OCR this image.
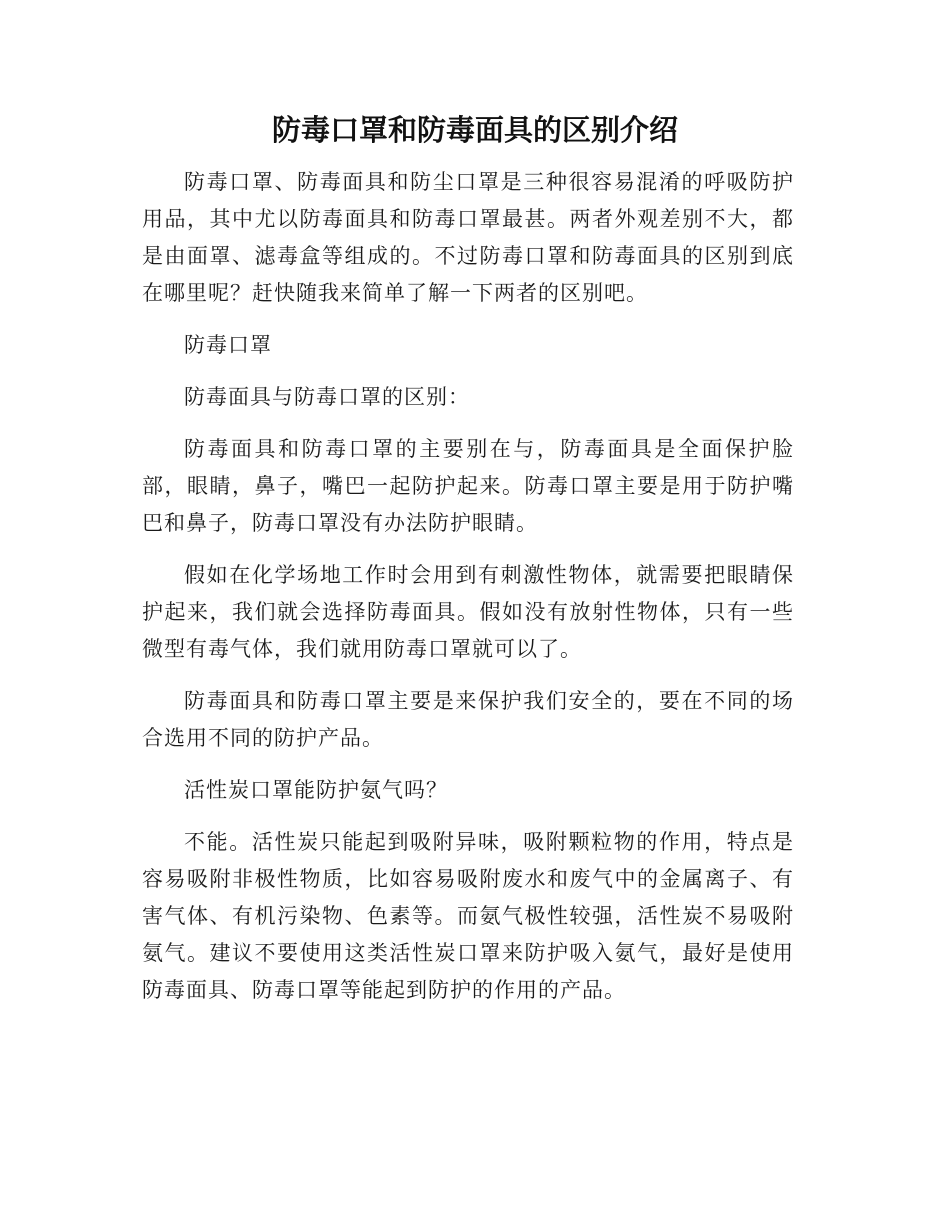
防毒口罩和防毒面具的区别介绍

防毒口罩、防毒面具和防尘口罩是三种很容易混淆的呼吸防护用品，其中尤以防毒面具和防毒口罩最甚。两者外观差别不大，都是由面罩、滤毒盒等组成的。不过防毒口罩和防毒面具的区别到底在哪里呢？赶快随我来简单了解一下两者的区别吧。

防毒口罩

防毒面具与防毒口罩的区别：

防毒面具和防毒口罩的主要别在与，防毒面具是全面保护脸部，眼睛，鼻子，嘴巴一起防护起来。防毒口罩主要是用于防护嘴巴和鼻子，防毒口罩没有办法防护眼睛。

假如在化学场地工作时会用到有刺激性物体，就需要把眼睛保护起来，我们就会选择防毒面具。假如没有放射性物体，只有一些微型有毒气体，我们就用防毒口罩就可以了。

防毒面具和防毒口罩主要是来保护我们安全的，要在不同的场合选用不同的防护产品。

活性炭口罩能防护氨气吗？

不能。活性炭只能起到吸附异味，吸附颗粒物的作用，特点是容易吸附非极性物质，比如容易吸附废水和废气中的金属离子、有害气体、有机污染物、色素等。而氨气极性较强，活性炭不易吸附氨气。建议不要使用这类活性炭口罩来防护吸入氨气，最好是使用防毒面具、防毒口罩等能起到防护的作用的产品。
